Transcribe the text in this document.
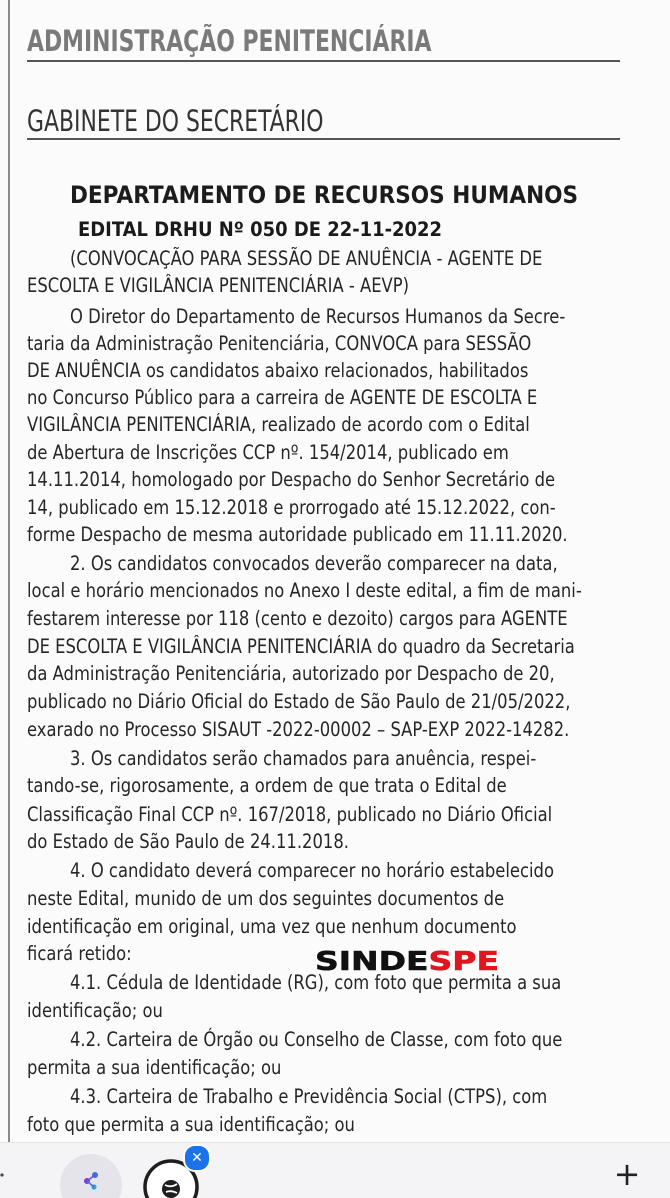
ADMINISTRAÇÃO PENITENCIÁRIA
GABINETE DO SECRETÁRIO
DEPARTAMENTO DE RECURSOS HUMANOS
EDITAL DRHU Nº 050 DE 22-11-2022
(CONVOCAÇÃO PARA SESSÃO DE ANUÊNCIA - AGENTE DE
ESCOLTA E VIGILÂNCIA PENITENCIÁRIA - AEVP)
O Diretor do Departamento de Recursos Humanos da Secre-
taria da Administração Penitenciária, CONVOCA para SESSÃO
DE ANUÊNCIA os candidatos abaixo relacionados, habilitados
no Concurso Público para a carreira de AGENTE DE ESCOLTA E
VIGILÂNCIA PENITENCIÁRIA, realizado de acordo com o Edital
de Abertura de Inscrições CCP nº. 154/2014, publicado em
14.11.2014, homologado por Despacho do Senhor Secretário de
14, publicado em 15.12.2018 e prorrogado até 15.12.2022, con-
forme Despacho de mesma autoridade publicado em 11.11.2020.
2. Os candidatos convocados deverão comparecer na data,
local e horário mencionados no Anexo I deste edital, a fim de mani-
festarem interesse por 118 (cento e dezoito) cargos para AGENTE
DE ESCOLTA E VIGILÂNCIA PENITENCIÁRIA do quadro da Secretaria
da Administração Penitenciária, autorizado por Despacho de 20,
publicado no Diário Oficial do Estado de São Paulo de 21/05/2022,
exarado no Processo SISAUT -2022-00002 – SAP-EXP 2022-14282.
3. Os candidatos serão chamados para anuência, respei-
tando-se, rigorosamente, a ordem de que trata o Edital de
Classificação Final CCP nº. 167/2018, publicado no Diário Oficial
do Estado de São Paulo de 24.11.2018.
4. O candidato deverá comparecer no horário estabelecido
neste Edital, munido de um dos seguintes documentos de
identificação em original, uma vez que nenhum documento
ficará retido:
4.1. Cédula de Identidade (RG), com foto que permita a sua
identificação; ou
4.2. Carteira de Órgão ou Conselho de Classe, com foto que
permita a sua identificação; ou
4.3. Carteira de Trabalho e Previdência Social (CTPS), com
foto que permita a sua identificação; ou
SINDE SPE
✕	+
